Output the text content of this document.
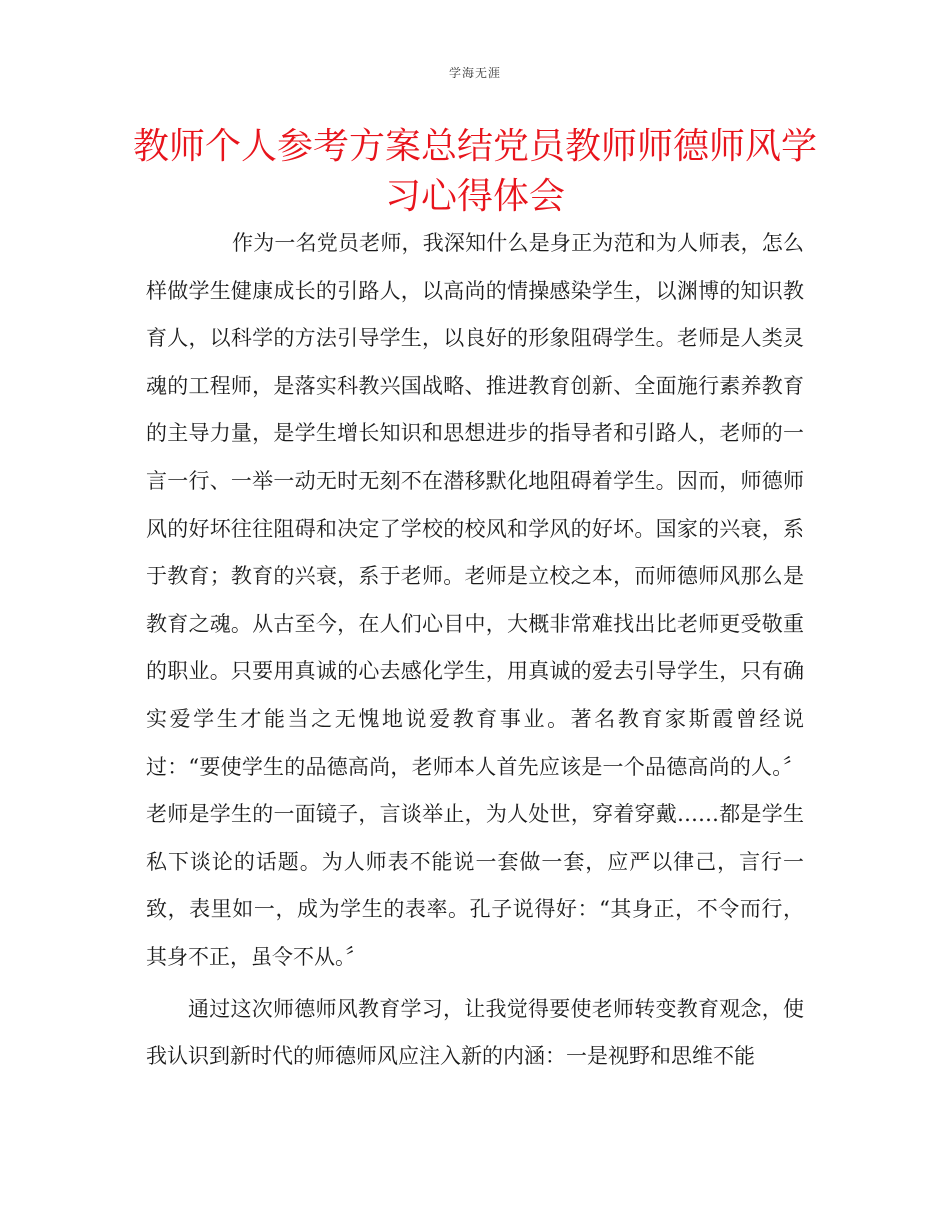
学海无涯
教师个人参考方案总结党员教师师德师风学习心得体会

作为一名党员老师，我深知什么是身正为范和为人师表，怎么样做学生健康成长的引路人，以高尚的情操感染学生，以渊博的知识教育人，以科学的方法引导学生，以良好的形象阻碍学生。老师是人类灵魂的工程师，是落实科教兴国战略、推进教育创新、全面施行素养教育的主导力量，是学生增长知识和思想进步的指导者和引路人，老师的一言一行、一举一动无时无刻不在潜移默化地阻碍着学生。因而，师德师风的好坏往往阻碍和决定了学校的校风和学风的好坏。国家的兴衰，系于教育；教育的兴衰，系于老师。老师是立校之本，而师德师风那么是教育之魂。从古至今，在人们心目中，大概非常难找出比老师更受敬重的职业。只要用真诚的心去感化学生，用真诚的爱去引导学生，只有确实爱学生才能当之无愧地说爱教育事业。著名教育家斯霞曾经说过：“要使学生的品德高尚，老师本人首先应该是一个品德高尚的人。〞老师是学生的一面镜子，言谈举止，为人处世，穿着穿戴……都是学生私下谈论的话题。为人师表不能说一套做一套，应严以律己，言行一致，表里如一，成为学生的表率。孔子说得好：“其身正，不令而行，其身不正，虽令不从。〞

通过这次师德师风教育学习，让我觉得要使老师转变教育观念，使我认识到新时代的师德师风应注入新的内涵：一是视野和思维不能
